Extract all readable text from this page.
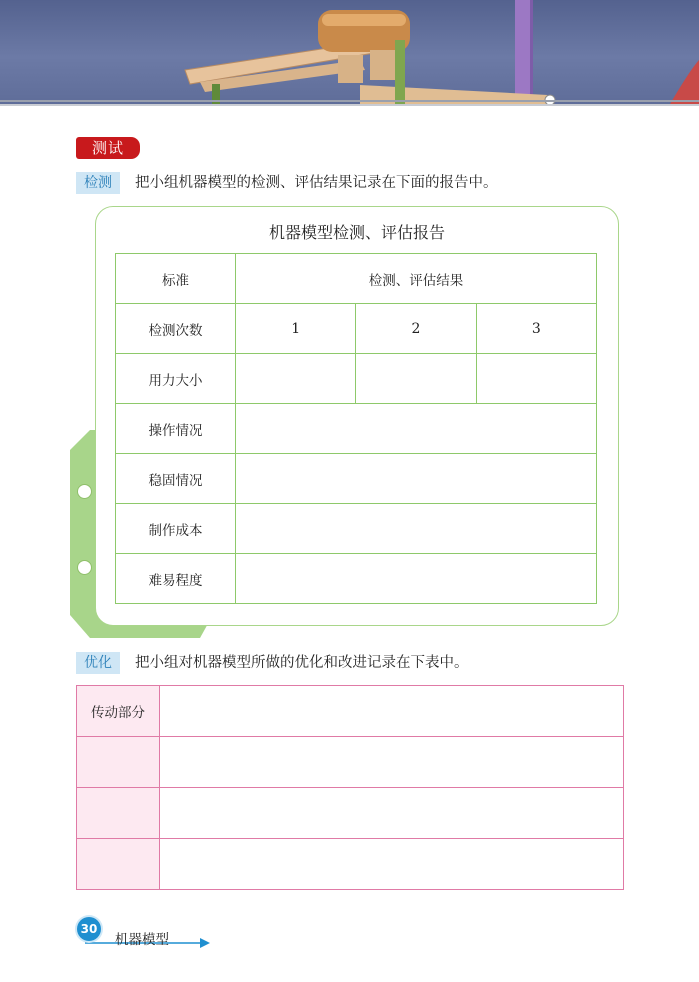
测试
检测	把小组机器模型的检测、评估结果记录在下面的报告中。
机器模型检测、评估报告
标准	检测、评估结果		
检测次数	1	2	3
用力大小			
操作情况			
稳固情况			
制作成本			
难易程度			
优化	把小组对机器模型所做的优化和改进记录在下表中。
传动部分	

30
机器模型
